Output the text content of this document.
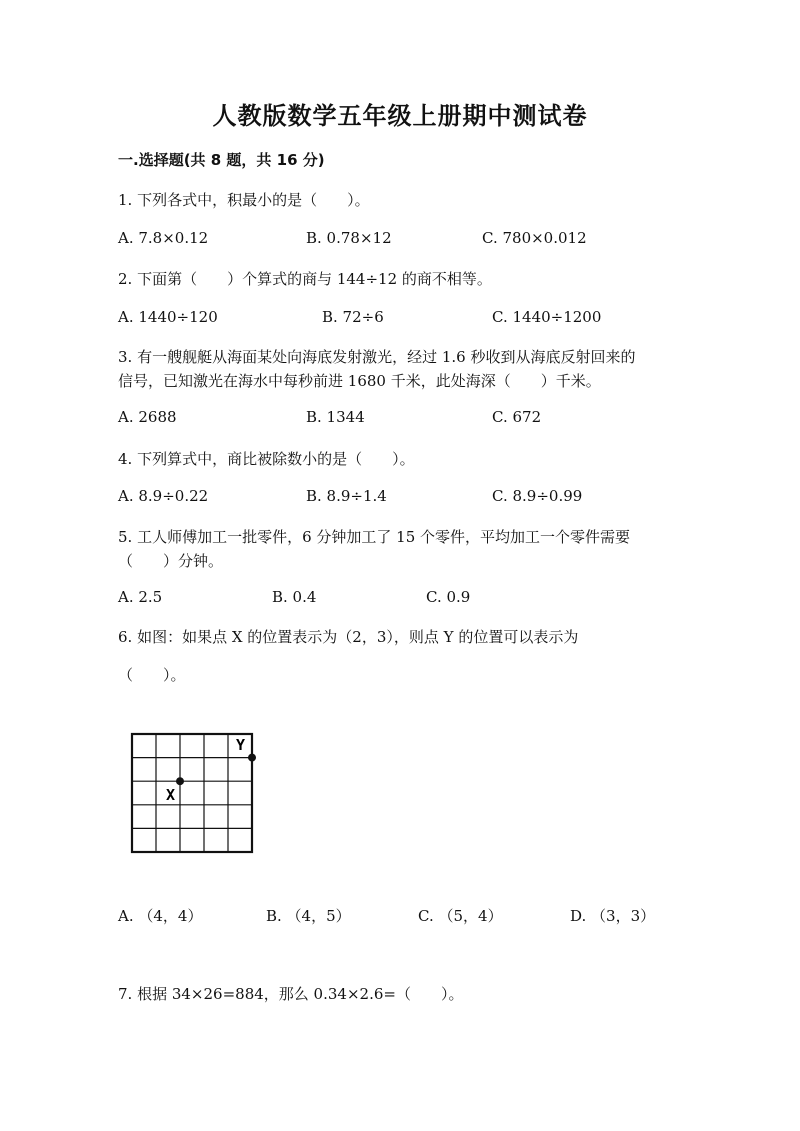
人教版数学五年级上册期中测试卷
一.选择题(共 8 题，共 16 分)
1. 下列各式中，积最小的是（　　）。
A. 7.8×0.12	B. 0.78×12	C. 780×0.012
2. 下面第（　　）个算式的商与 144÷12 的商不相等。
A. 1440÷120	B. 72÷6	C. 1440÷1200
3. 有一艘舰艇从海面某处向海底发射激光，经过 1.6 秒收到从海底反射回来的
信号，已知激光在海水中每秒前进 1680 千米，此处海深（　　）千米。
A. 2688	B. 1344	C. 672
4. 下列算式中，商比被除数小的是（　　）。
A. 8.9÷0.22	B. 8.9÷1.4	C. 8.9÷0.99
5. 工人师傅加工一批零件，6 分钟加工了 15 个零件，平均加工一个零件需要
（　　）分钟。
A. 2.5	B. 0.4	C. 0.9
6. 如图：如果点 X 的位置表示为（2，3），则点 Y 的位置可以表示为
（　　）。
X
Y
A. （4，4）	B. （4，5）	C. （5，4）	D. （3，3）
7. 根据 34×26=884，那么 0.34×2.6=（　　）。
